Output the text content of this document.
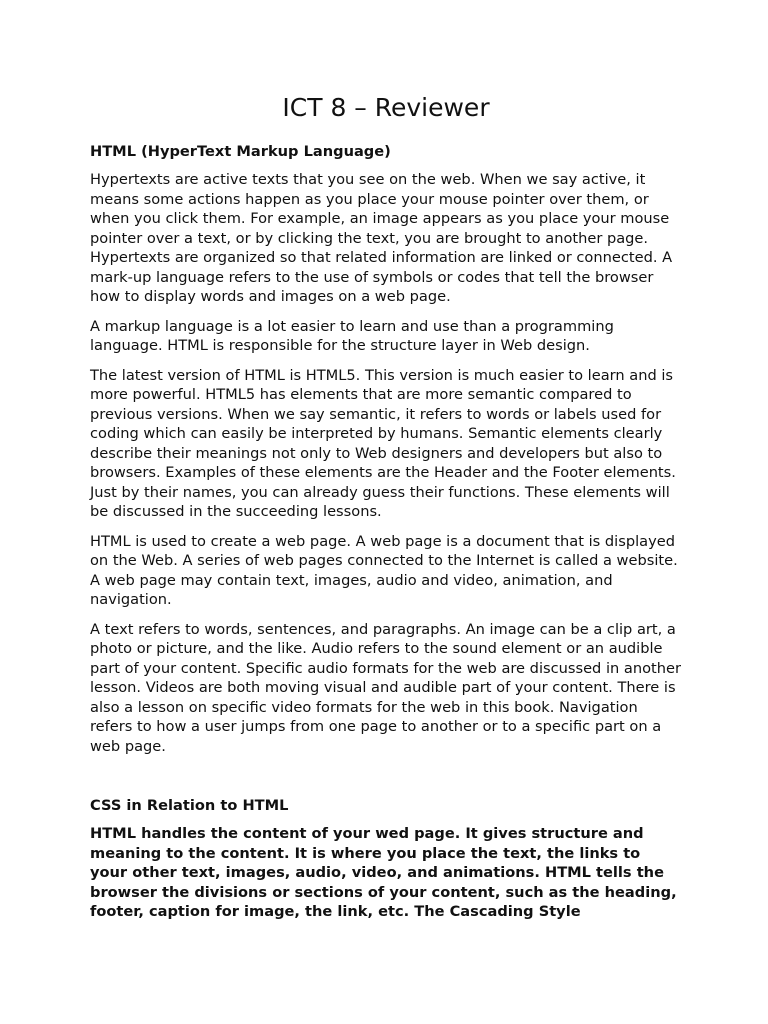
ICT 8 – Reviewer
HTML (HyperText Markup Language)

Hypertexts are active texts that you see on the web. When we say active, it means some actions happen as you place your mouse pointer over them, or when you click them. For example, an image appears as you place your mouse pointer over a text, or by clicking the text, you are brought to another page. Hypertexts are organized so that related information are linked or connected. A mark-up language refers to the use of symbols or codes that tell the browser how to display words and images on a web page.

A markup language is a lot easier to learn and use than a programming language. HTML is responsible for the structure layer in Web design.

The latest version of HTML is HTML5. This version is much easier to learn and is more powerful. HTML5 has elements that are more semantic compared to previous versions. When we say semantic, it refers to words or labels used for coding which can easily be interpreted by humans. Semantic elements clearly describe their meanings not only to Web designers and developers but also to browsers. Examples of these elements are the Header and the Footer elements. Just by their names, you can already guess their functions. These elements will be discussed in the succeeding lessons.

HTML is used to create a web page. A web page is a document that is displayed on the Web. A series of web pages connected to the Internet is called a website. A web page may contain text, images, audio and video, animation, and navigation.

A text refers to words, sentences, and paragraphs. An image can be a clip art, a photo or picture, and the like. Audio refers to the sound element or an audible part of your content. Specific audio formats for the web are discussed in another lesson. Videos are both moving visual and audible part of your content. There is also a lesson on specific video formats for the web in this book. Navigation refers to how a user jumps from one page to another or to a specific part on a web page.

CSS in Relation to HTML

HTML handles the content of your wed page. It gives structure and meaning to the content. It is where you place the text, the links to your other text, images, audio, video, and animations. HTML tells the browser the divisions or sections of your content, such as the heading, footer, caption for image, the link, etc. The Cascading Style
